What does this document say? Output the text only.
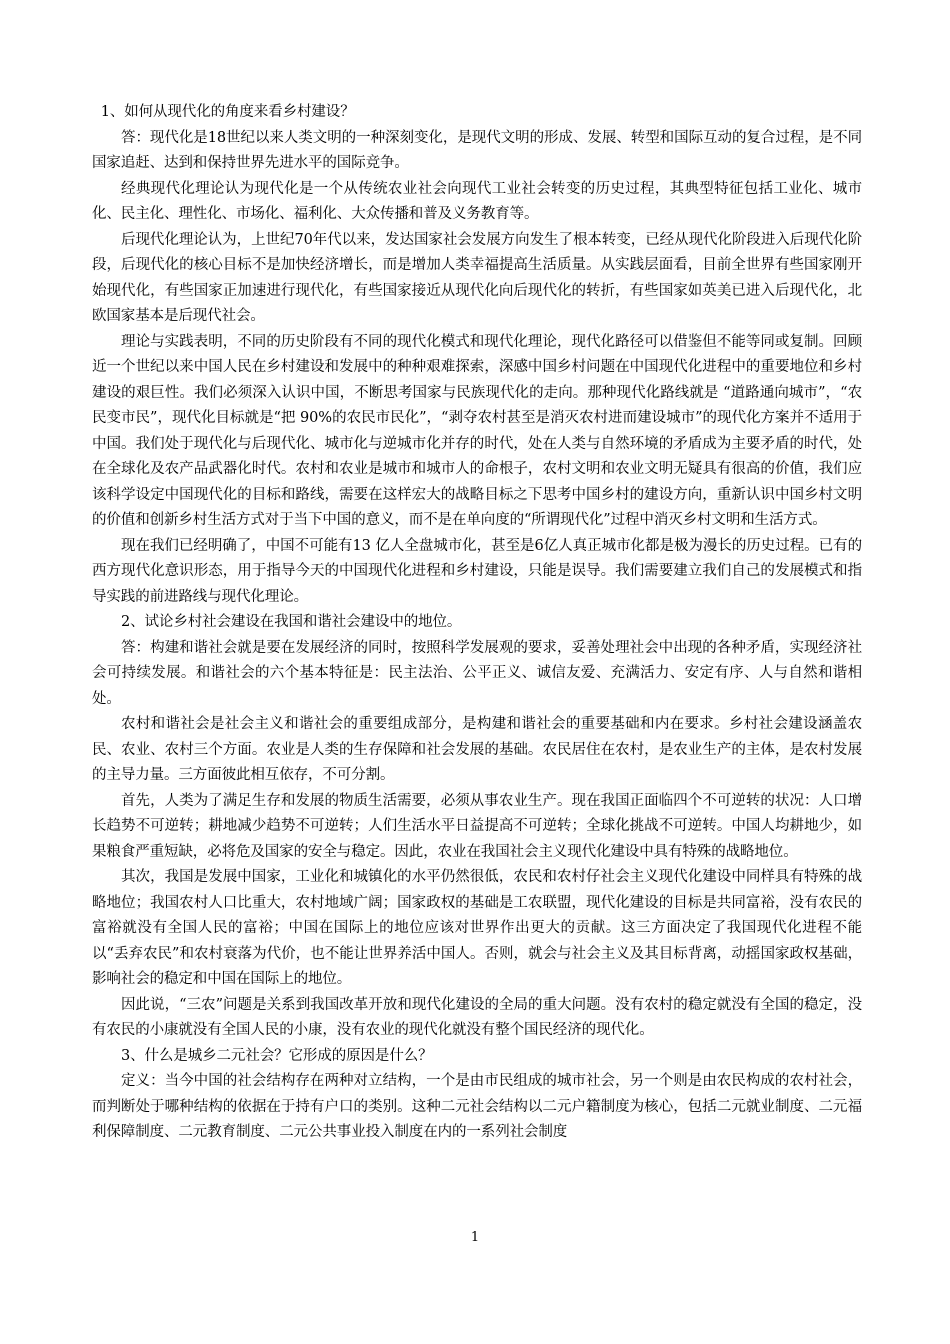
1、如何从现代化的角度来看乡村建设？

答：现代化是18世纪以来人类文明的一种深刻变化，是现代文明的形成、发展、转型和国际互动的复合过程，是不同国家追赶、达到和保持世界先进水平的国际竞争。

经典现代化理论认为现代化是一个从传统农业社会向现代工业社会转变的历史过程，其典型特征包括工业化、城市化、民主化、理性化、市场化、福利化、大众传播和普及义务教育等。

后现代化理论认为，上世纪70年代以来，发达国家社会发展方向发生了根本转变，已经从现代化阶段进入后现代化阶段，后现代化的核心目标不是加快经济增长，而是增加人类幸福提高生活质量。从实践层面看，目前全世界有些国家刚开始现代化，有些国家正加速进行现代化，有些国家接近从现代化向后现代化的转折，有些国家如英美已进入后现代化，北欧国家基本是后现代社会。

理论与实践表明，不同的历史阶段有不同的现代化模式和现代化理论，现代化路径可以借鉴但不能等同或复制。回顾近一个世纪以来中国人民在乡村建设和发展中的种种艰难探索，深感中国乡村问题在中国现代化进程中的重要地位和乡村建设的艰巨性。我们必须深入认识中国，不断思考国家与民族现代化的走向。那种现代化路线就是 “道路通向城市”，“农民变市民”，现代化目标就是“把 90%的农民市民化”，“剥夺农村甚至是消灭农村进而建设城市”的现代化方案并不适用于中国。我们处于现代化与后现代化、城市化与逆城市化并存的时代，处在人类与自然环境的矛盾成为主要矛盾的时代，处在全球化及农产品武器化时代。农村和农业是城市和城市人的命根子，农村文明和农业文明无疑具有很高的价值，我们应该科学设定中国现代化的目标和路线，需要在这样宏大的战略目标之下思考中国乡村的建设方向，重新认识中国乡村文明的价值和创新乡村生活方式对于当下中国的意义，而不是在单向度的“所谓现代化”过程中消灭乡村文明和生活方式。

现在我们已经明确了，中国不可能有13 亿人全盘城市化，甚至是6亿人真正城市化都是极为漫长的历史过程。已有的西方现代化意识形态，用于指导今天的中国现代化进程和乡村建设，只能是误导。我们需要建立我们自己的发展模式和指导实践的前进路线与现代化理论。

2、试论乡村社会建设在我国和谐社会建设中的地位。

答：构建和谐社会就是要在发展经济的同时，按照科学发展观的要求，妥善处理社会中出现的各种矛盾，实现经济社会可持续发展。和谐社会的六个基本特征是：民主法治、公平正义、诚信友爱、充满活力、安定有序、人与自然和谐相处。

农村和谐社会是社会主义和谐社会的重要组成部分，是构建和谐社会的重要基础和内在要求。乡村社会建设涵盖农民、农业、农村三个方面。农业是人类的生存保障和社会发展的基础。农民居住在农村，是农业生产的主体，是农村发展的主导力量。三方面彼此相互依存，不可分割。

首先，人类为了满足生存和发展的物质生活需要，必须从事农业生产。现在我国正面临四个不可逆转的状况：人口增长趋势不可逆转；耕地减少趋势不可逆转；人们生活水平日益提高不可逆转；全球化挑战不可逆转。中国人均耕地少，如果粮食严重短缺，必将危及国家的安全与稳定。因此，农业在我国社会主义现代化建设中具有特殊的战略地位。

其次，我国是发展中国家，工业化和城镇化的水平仍然很低，农民和农村仔社会主义现代化建设中同样具有特殊的战略地位；我国农村人口比重大，农村地域广阔；国家政权的基础是工农联盟，现代化建设的目标是共同富裕，没有农民的富裕就没有全国人民的富裕；中国在国际上的地位应该对世界作出更大的贡献。这三方面决定了我国现代化进程不能以“丢弃农民”和农村衰落为代价，也不能让世界养活中国人。否则，就会与社会主义及其目标背离，动摇国家政权基础，影响社会的稳定和中国在国际上的地位。

因此说，“三农”问题是关系到我国改革开放和现代化建设的全局的重大问题。没有农村的稳定就没有全国的稳定，没有农民的小康就没有全国人民的小康，没有农业的现代化就没有整个国民经济的现代化。

3、什么是城乡二元社会？它形成的原因是什么？

定义：当今中国的社会结构存在两种对立结构，一个是由市民组成的城市社会，另一个则是由农民构成的农村社会，而判断处于哪种结构的依据在于持有户口的类别。这种二元社会结构以二元户籍制度为核心，包括二元就业制度、二元福利保障制度、二元教育制度、二元公共事业投入制度在内的一系列社会制度

1
